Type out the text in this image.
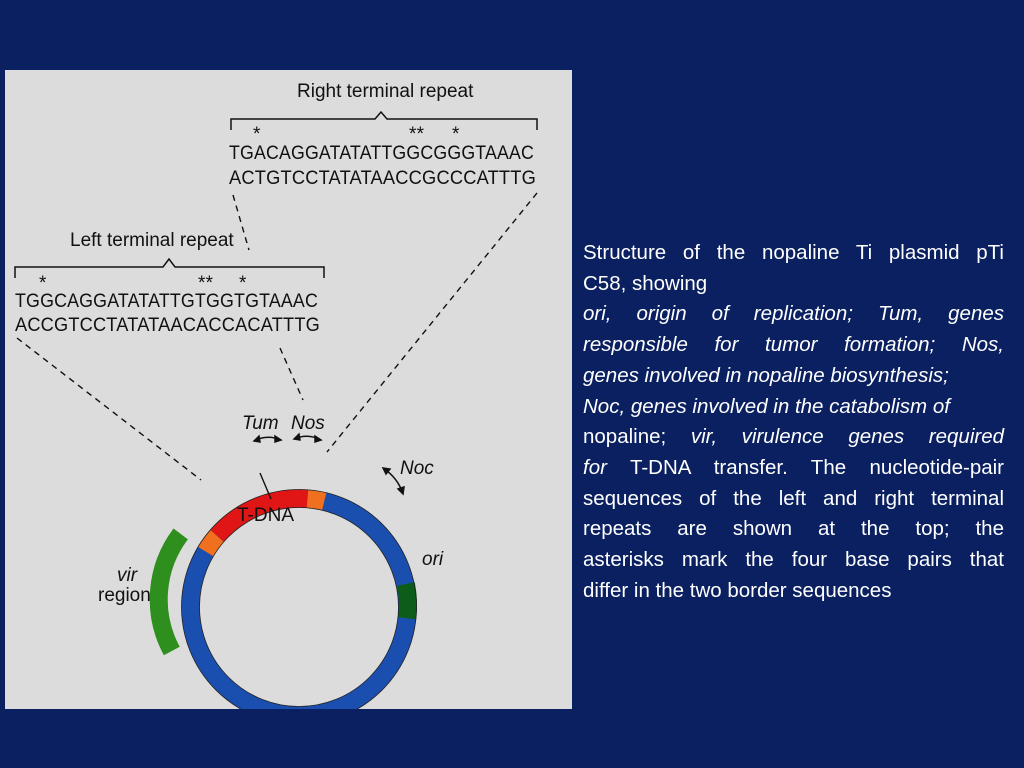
Right terminal repeat
*	** *
TGACAGGATATATTGGCGGGTAAAC
ACTGTCCTATATAACCGCCCATTTG
Left terminal repeat
*	** *
TGGCAGGATATATTGTGGTGTAAAC
ACCGTCCTATATAACACCACATTTG
Tum Nos
T-DNA
Noc
ori
vir
region
Structure of the nopaline Ti plasmid pTi
C58, showing
ori, origin of replication; Tum, genes
responsible for tumor formation; Nos,
genes involved in nopaline biosynthesis;
Noc, genes involved in the catabolism of
nopaline; vir, virulence genes required
for T-DNA transfer. The nucleotide-pair
sequences of the left and right terminal
repeats are shown at the top; the
asterisks mark the four base pairs that
differ in the two border sequences
